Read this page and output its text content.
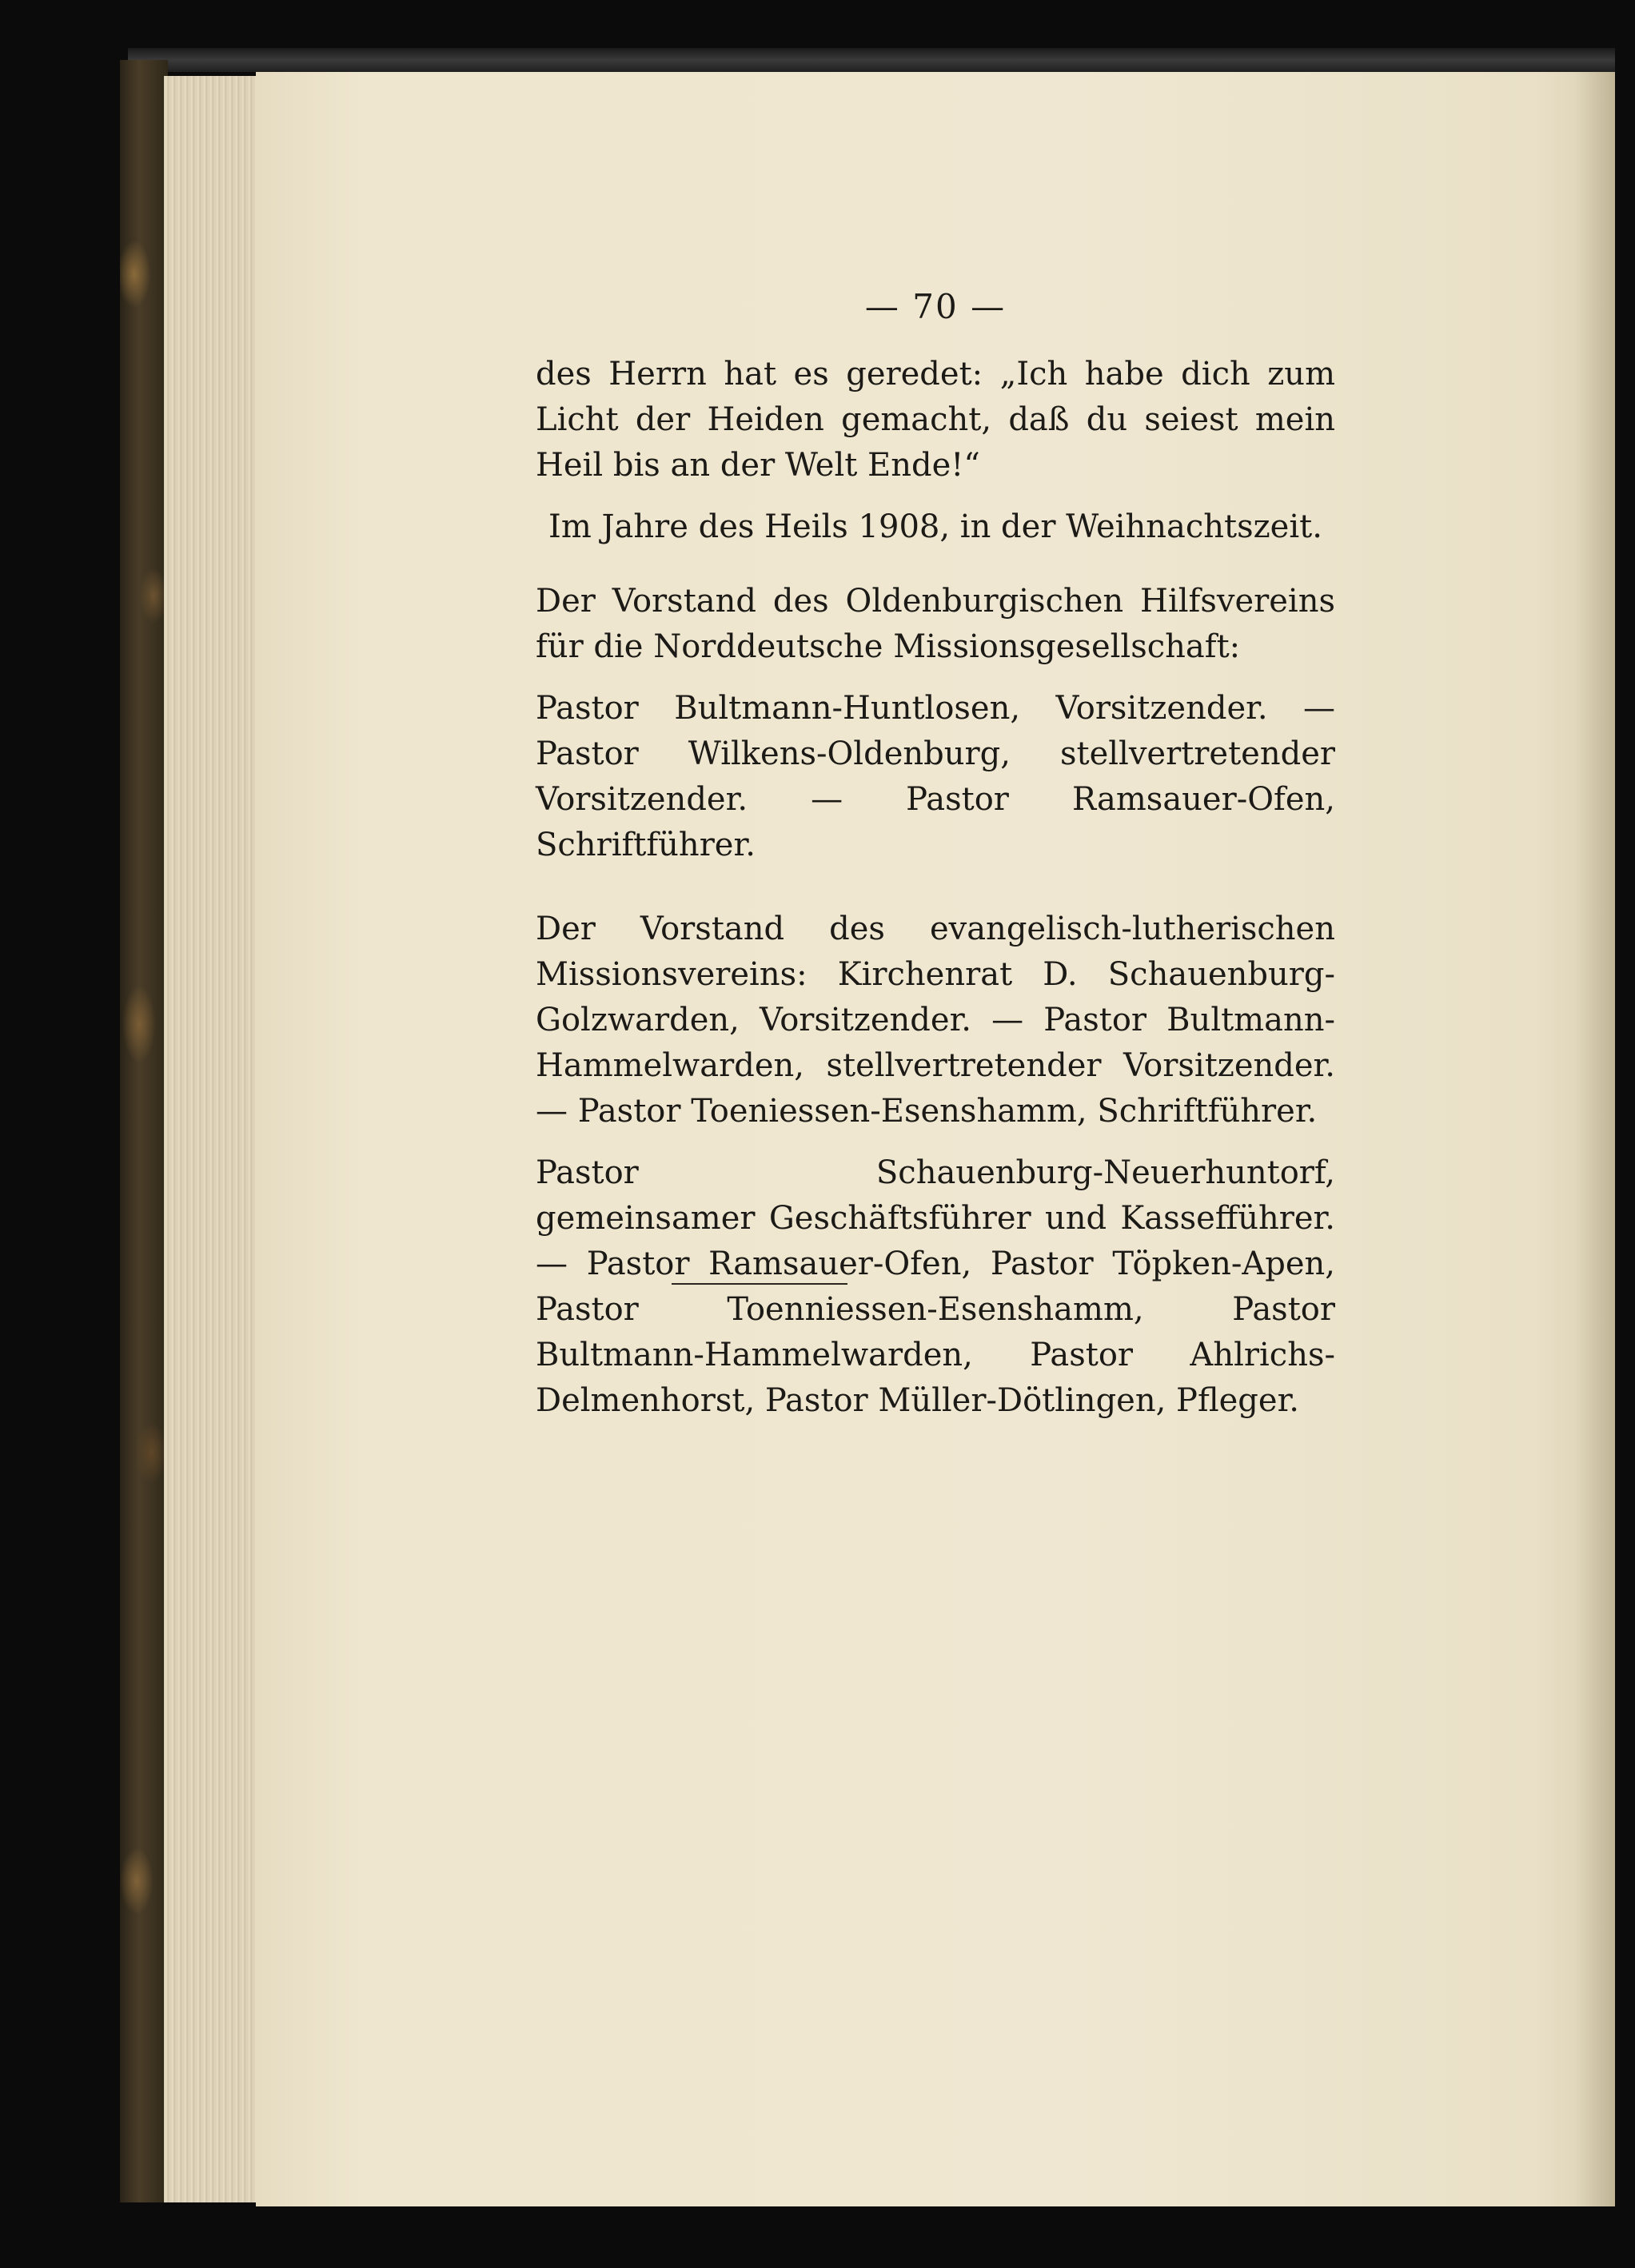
— 70 —

des Herrn hat es geredet: „Ich habe dich zum Licht der Heiden gemacht, daß du seiest mein Heil bis an der Welt Ende!“

Im Jahre des Heils 1908, in der Weihnachtszeit.

Der Vorstand des Oldenburgischen Hilfsvereins für die Norddeutsche Missionsgesellschaft:

Pastor Bultmann-Huntlosen, Vorsitzender. — Pastor Wilkens-Oldenburg, stellvertretender Vorsitzender. — Pastor Ramsauer-Ofen, Schriftführer.

Der Vorstand des evangelisch-lutherischen Missionsvereins: Kirchenrat D. Schauenburg-Golzwarden, Vorsitzender. — Pastor Bultmann-Hammelwarden, stellvertretender Vorsitzender. — Pastor Toeniessen-Esenshamm, Schriftführer.

Pastor Schauenburg-Neuerhuntorf, gemeinsamer Geschäftsführer und Kassefführer. — Pastor Ramsauer-Ofen, Pastor Töpken-Apen, Pastor Toenniessen-Esenshamm, Pastor Bultmann-Hammelwarden, Pastor Ahlrichs-Delmenhorst, Pastor Müller-Dötlingen, Pfleger.
